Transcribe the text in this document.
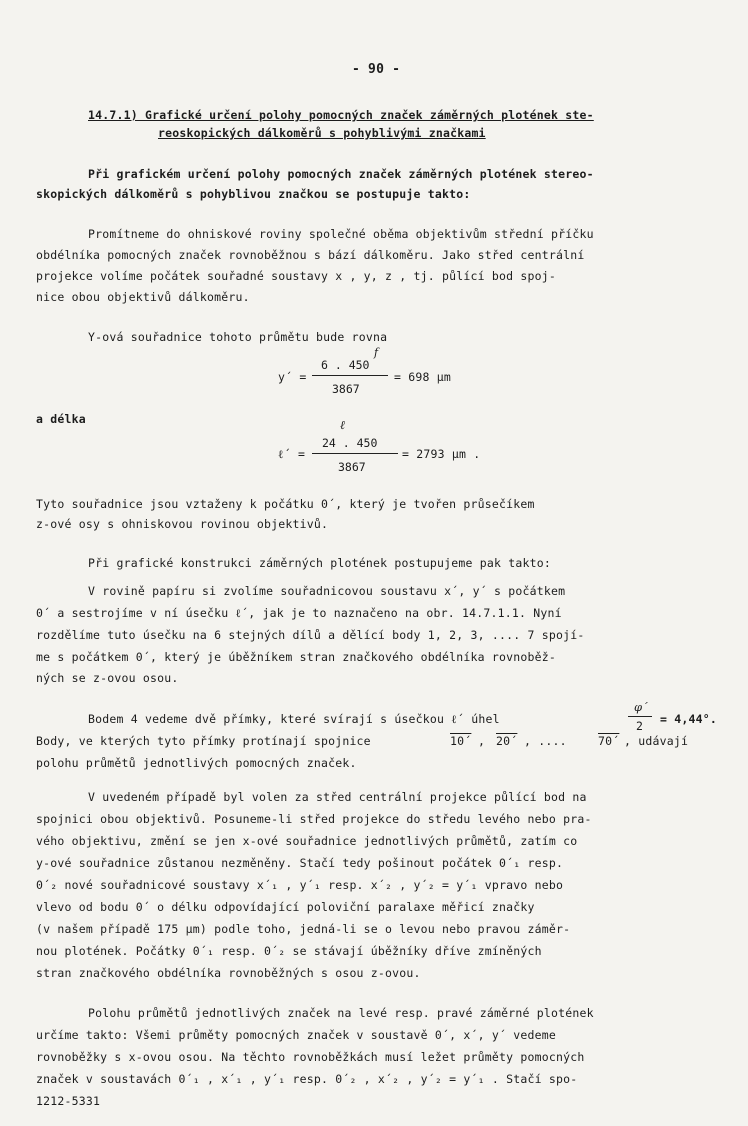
- 90 -
14.7.1) Grafické určení polohy pomocných značek záměrných plotének ste-
reoskopických dálkoměrů s pohyblivými značkami
Při grafickém určení polohy pomocných značek záměrných plotének stereo-
skopických dálkoměrů s pohyblivou značkou se postupuje takto:
Promítneme do ohniskové roviny společné oběma objektivům střední příčku
obdélníka pomocných značek rovnoběžnou s bází dálkoměru. Jako střed centrální
projekce volíme počátek souřadné soustavy x , y, z , tj. půlící bod spoj-
nice obou objektivů dálkoměru.
Y-ová souřadnice tohoto průmětu bude rovna
y´ =
6 . 450
f
3867
= 698 µm
a délka	ℓ
ℓ´ =
24 . 450
3867
= 2793 µm .
Tyto souřadnice jsou vztaženy k počátku 0´, který je tvořen průsečíkem
z-ové osy s ohniskovou rovinou objektivů.
Při grafické konstrukci záměrných plotének postupujeme pak takto:
V rovině papíru si zvolíme souřadnicovou soustavu x´, y´ s počátkem
0´ a sestrojíme v ní úsečku ℓ´, jak je to naznačeno na obr. 14.7.1.1. Nyní
rozdělíme tuto úsečku na 6 stejných dílů a dělící body 1, 2, 3, .... 7 spojí-
me s počátkem 0´, který je úběžníkem stran značkového obdélníka rovnoběž-
ných se z-ovou osou.
Bodem 4 vedeme dvě přímky, které svírají s úsečkou ℓ´ úhel
φ´
2 = 4,44°.
Body, ve kterých tyto přímky protínají spojnice	10´ , 20´ , ....	70´ , udávají
polohu průmětů jednotlivých pomocných značek.
V uvedeném případě byl volen za střed centrální projekce půlící bod na
spojnici obou objektivů. Posuneme-li střed projekce do středu levého nebo pra-
vého objektivu, změní se jen x-ové souřadnice jednotlivých průmětů, zatím co
y-ové souřadnice zůstanou nezměněny. Stačí tedy pošinout počátek 0´₁ resp.
0´₂ nové souřadnicové soustavy x´₁ , y´₁ resp. x´₂ , y´₂ = y´₁ vpravo nebo
vlevo od bodu 0´ o délku odpovídající poloviční paralaxe měřicí značky
(v našem případě 175 µm) podle toho, jedná-li se o levou nebo pravou záměr-
nou plotének. Počátky 0´₁ resp. 0´₂ se stávají úběžníky dříve zmíněných
stran značkového obdélníka rovnoběžných s osou z-ovou.
Polohu průmětů jednotlivých značek na levé resp. pravé záměrné plotének
určíme takto: Všemi průměty pomocných značek v soustavě 0´, x´, y´ vedeme
rovnoběžky s x-ovou osou. Na těchto rovnoběžkách musí ležet průměty pomocných
značek v soustavách 0´₁ , x´₁ , y´₁ resp. 0´₂ , x´₂ , y´₂ = y´₁ . Stačí spo-
1212-5331
